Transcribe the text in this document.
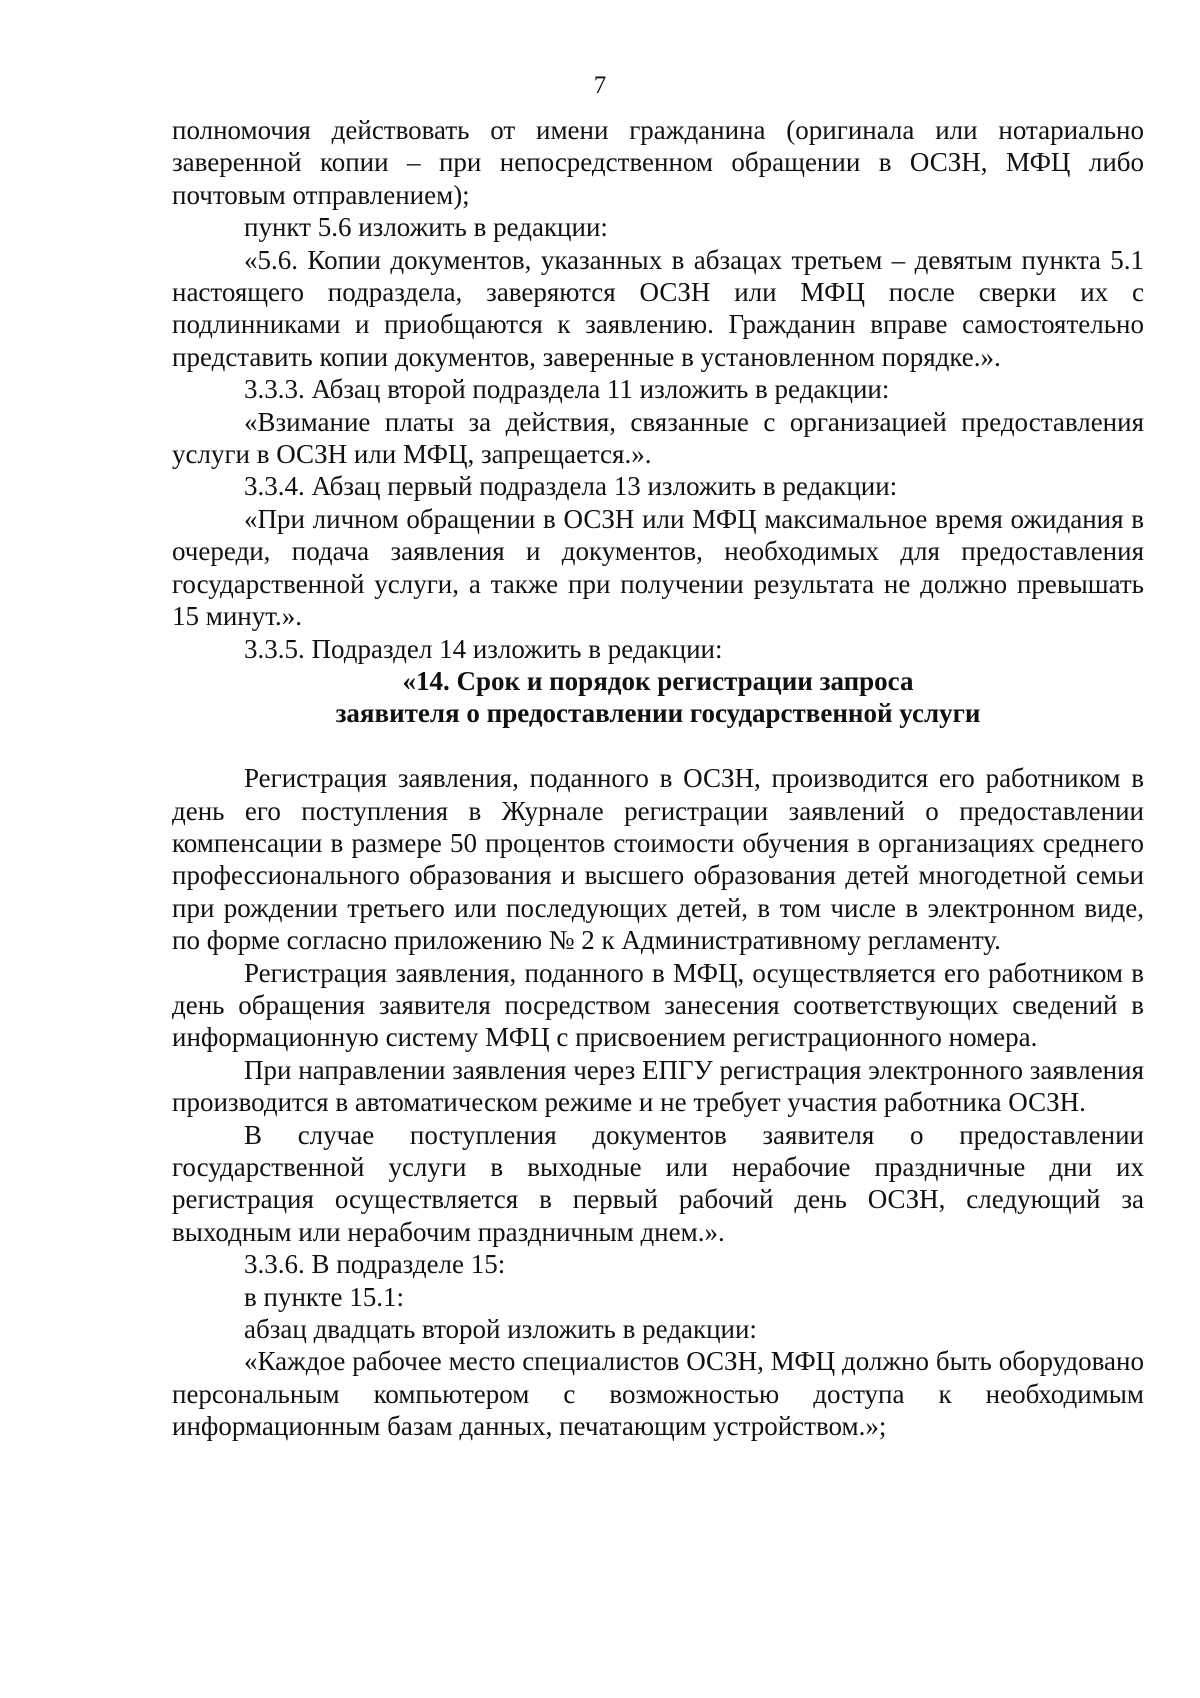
7

полномочия действовать от имени гражданина (оригинала или нотариально заверенной копии – при непосредственном обращении в ОСЗН, МФЦ либо почтовым отправлением);

пункт 5.6 изложить в редакции:

«5.6. Копии документов, указанных в абзацах третьем – девятым пункта 5.1 настоящего подраздела, заверяются ОСЗН или МФЦ после сверки их с подлинниками и приобщаются к заявлению. Гражданин вправе самостоятельно представить копии документов, заверенные в установленном порядке.».

3.3.3. Абзац второй подраздела 11 изложить в редакции:

«Взимание платы за действия, связанные с организацией предоставления услуги в ОСЗН или МФЦ, запрещается.».

3.3.4. Абзац первый подраздела 13 изложить в редакции:

«При личном обращении в ОСЗН или МФЦ максимальное время ожидания в очереди, подача заявления и документов, необходимых для предоставления государственной услуги, а также при получении результата не должно превышать 15 минут.».

3.3.5. Подраздел 14 изложить в редакции:

«14. Срок и порядок регистрации запроса

заявителя о предоставлении государственной услуги

Регистрация заявления, поданного в ОСЗН, производится его работником в день его поступления в Журнале регистрации заявлений о предоставлении компенсации в размере 50 процентов стоимости обучения в организациях среднего профессионального образования и высшего образования детей многодетной семьи при рождении третьего или последующих детей, в том числе в электронном виде, по форме согласно приложению № 2 к Административному регламенту.

Регистрация заявления, поданного в МФЦ, осуществляется его работником в день обращения заявителя посредством занесения соответствующих сведений в информационную систему МФЦ с присвоением регистрационного номера.

При направлении заявления через ЕПГУ регистрация электронного заявления производится в автоматическом режиме и не требует участия работника ОСЗН.

В случае поступления документов заявителя о предоставлении государственной услуги в выходные или нерабочие праздничные дни их регистрация осуществляется в первый рабочий день ОСЗН, следующий за выходным или нерабочим праздничным днем.».

3.3.6. В подразделе 15:

в пункте 15.1:

абзац двадцать второй изложить в редакции:

«Каждое рабочее место специалистов ОСЗН, МФЦ должно быть оборудовано персональным компьютером с возможностью доступа к необходимым информационным базам данных, печатающим устройством.»;
